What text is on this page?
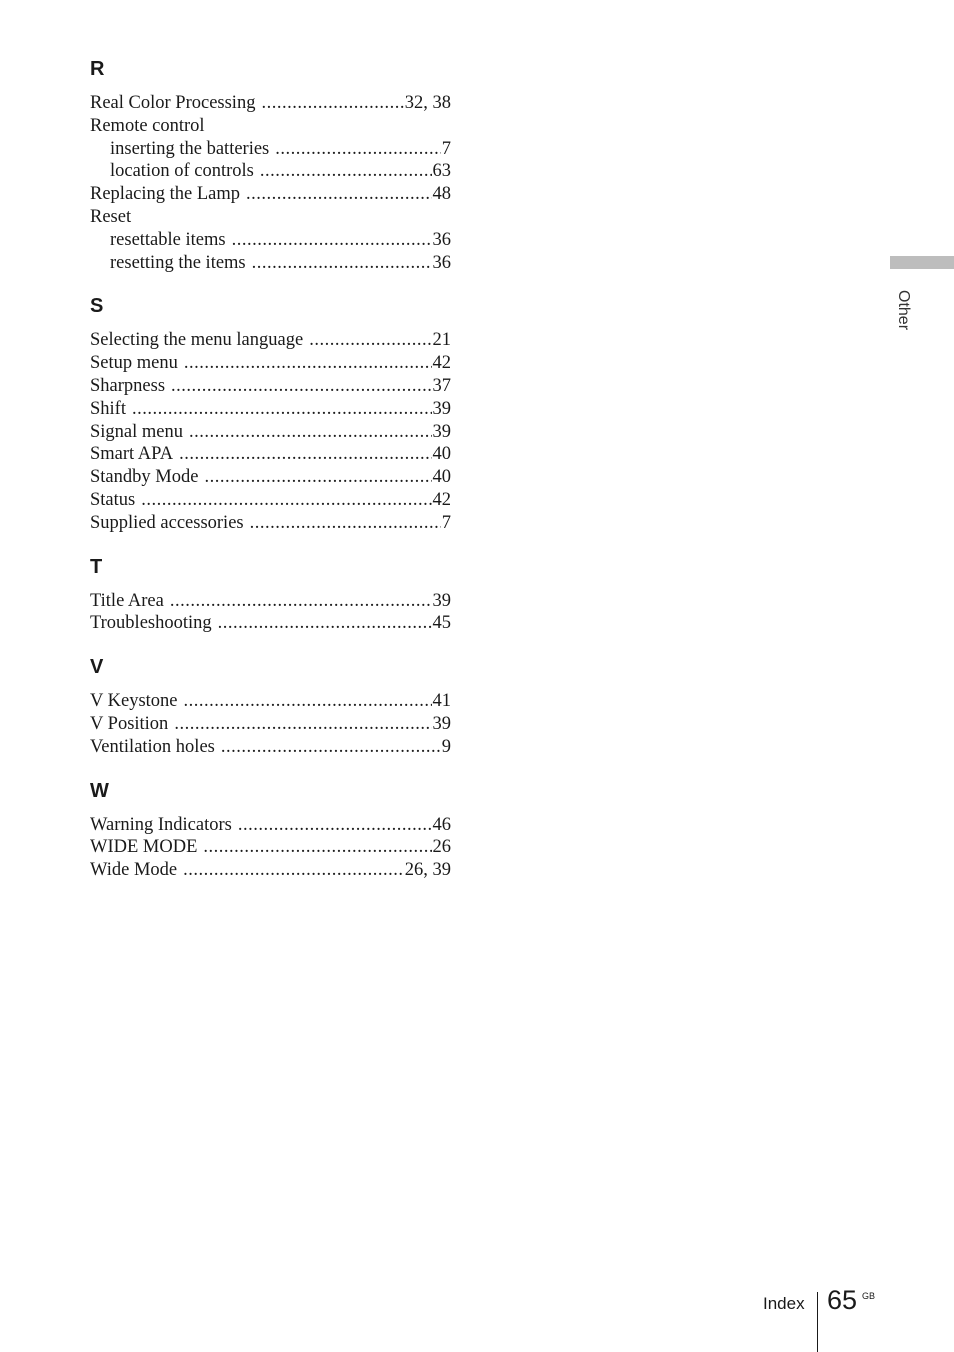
R
Real Color Processing .....	32, 38
Remote control
inserting the batteries .....	7
location of controls .....	63
Replacing the Lamp .....	48
Reset
resettable items .....	36
resetting the items .....	36
S
Selecting the menu language .....	21
Setup menu .....	42
Sharpness .....	37
Shift .....	39
Signal menu .....	39
Smart APA .....	40
Standby Mode .....	40
Status .....	42
Supplied accessories .....	7
T
Title Area .....	39
Troubleshooting .....	45
V
V Keystone .....	41
V Position .....	39
Ventilation holes .....	9
W
Warning Indicators .....	46
WIDE MODE .....	26
Wide Mode .....	26, 39
Other
Index 65 GB
